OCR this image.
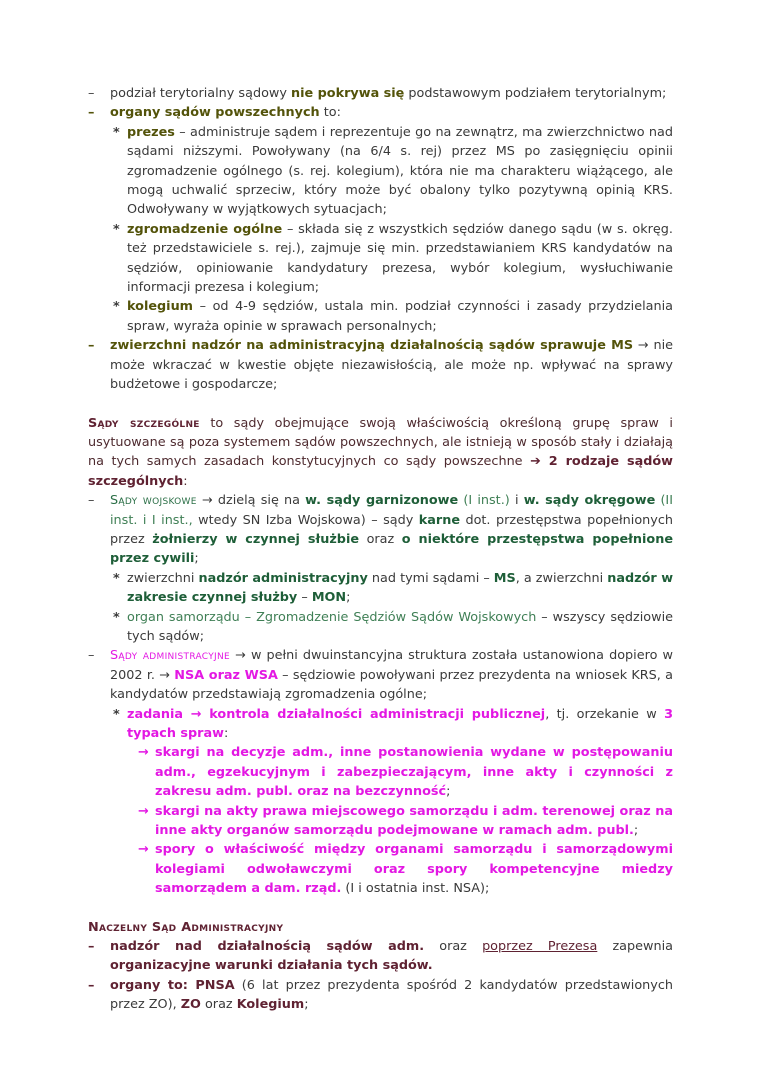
– podział terytorialny sądowy nie pokrywa się podstawowym podziałem terytorialnym;
– organy sądów powszechnych to:
* prezes – administruje sądem i reprezentuje go na zewnątrz, ma zwierzchnictwo nad sądami niższymi. Powoływany (na 6/4 s. rej) przez MS po zasięgnięciu opinii zgromadzenie ogólnego (s. rej. kolegium), która nie ma charakteru wiążącego, ale mogą uchwalić sprzeciw, który może być obalony tylko pozytywną opinią KRS. Odwoływany w wyjątkowych sytuacjach;
* zgromadzenie ogólne – składa się z wszystkich sędziów danego sądu (w s. okręg. też przedstawiciele s. rej.), zajmuje się min. przedstawianiem KRS kandydatów na sędziów, opiniowanie kandydatury prezesa, wybór kolegium, wysłuchiwanie informacji prezesa i kolegium;
* kolegium – od 4-9 sędziów, ustala min. podział czynności i zasady przydzielania spraw, wyraża opinie w sprawach personalnych;
– zwierzchni nadzór na administracyjną działalnością sądów sprawuje MS → nie może wkraczać w kwestie objęte niezawisłością, ale może np. wpływać na sprawy budżetowe i gospodarcze;
Sądy szczególne to sądy obejmujące swoją właściwością określoną grupę spraw i usytuowane są poza systemem sądów powszechnych, ale istnieją w sposób stały i działają na tych samych zasadach konstytucyjnych co sądy powszechne ➔ 2 rodzaje sądów szczególnych:
– Sądy wojskowe → dzielą się na w. sądy garnizonowe (I inst.) i w. sądy okręgowe (II inst. i I inst., wtedy SN Izba Wojskowa) – sądy karne dot. przestępstwa popełnionych przez żołnierzy w czynnej służbie oraz o niektóre przestępstwa popełnione przez cywili;
* zwierzchni nadzór administracyjny nad tymi sądami – MS, a zwierzchni nadzór w zakresie czynnej służby – MON;
* organ samorządu – Zgromadzenie Sędziów Sądów Wojskowych – wszyscy sędziowie tych sądów;
– Sądy administracyjne → w pełni dwuinstancyjna struktura została ustanowiona dopiero w 2002 r. → NSA oraz WSA – sędziowie powoływani przez prezydenta na wniosek KRS, a kandydatów przedstawiają zgromadzenia ogólne;
* zadania → kontrola działalności administracji publicznej, tj. orzekanie w 3 typach spraw:
→ skargi na decyzje adm., inne postanowienia wydane w postępowaniu adm., egzekucyjnym i zabezpieczającym, inne akty i czynności z zakresu adm. publ. oraz na bezczynność;
→ skargi na akty prawa miejscowego samorządu i adm. terenowej oraz na inne akty organów samorządu podejmowane w ramach adm. publ.;
→ spory o właściwość między organami samorządu i samorządowymi kolegiami odwoławczymi oraz spory kompetencyjne miedzy samorządem a dam. rząd. (I i ostatnia inst. NSA);
Naczelny Sąd Administracyjny
– nadzór nad działalnością sądów adm. oraz poprzez Prezesa zapewnia organizacyjne warunki działania tych sądów.
– organy to: PNSA (6 lat przez prezydenta spośród 2 kandydatów przedstawionych przez ZO), ZO oraz Kolegium;
